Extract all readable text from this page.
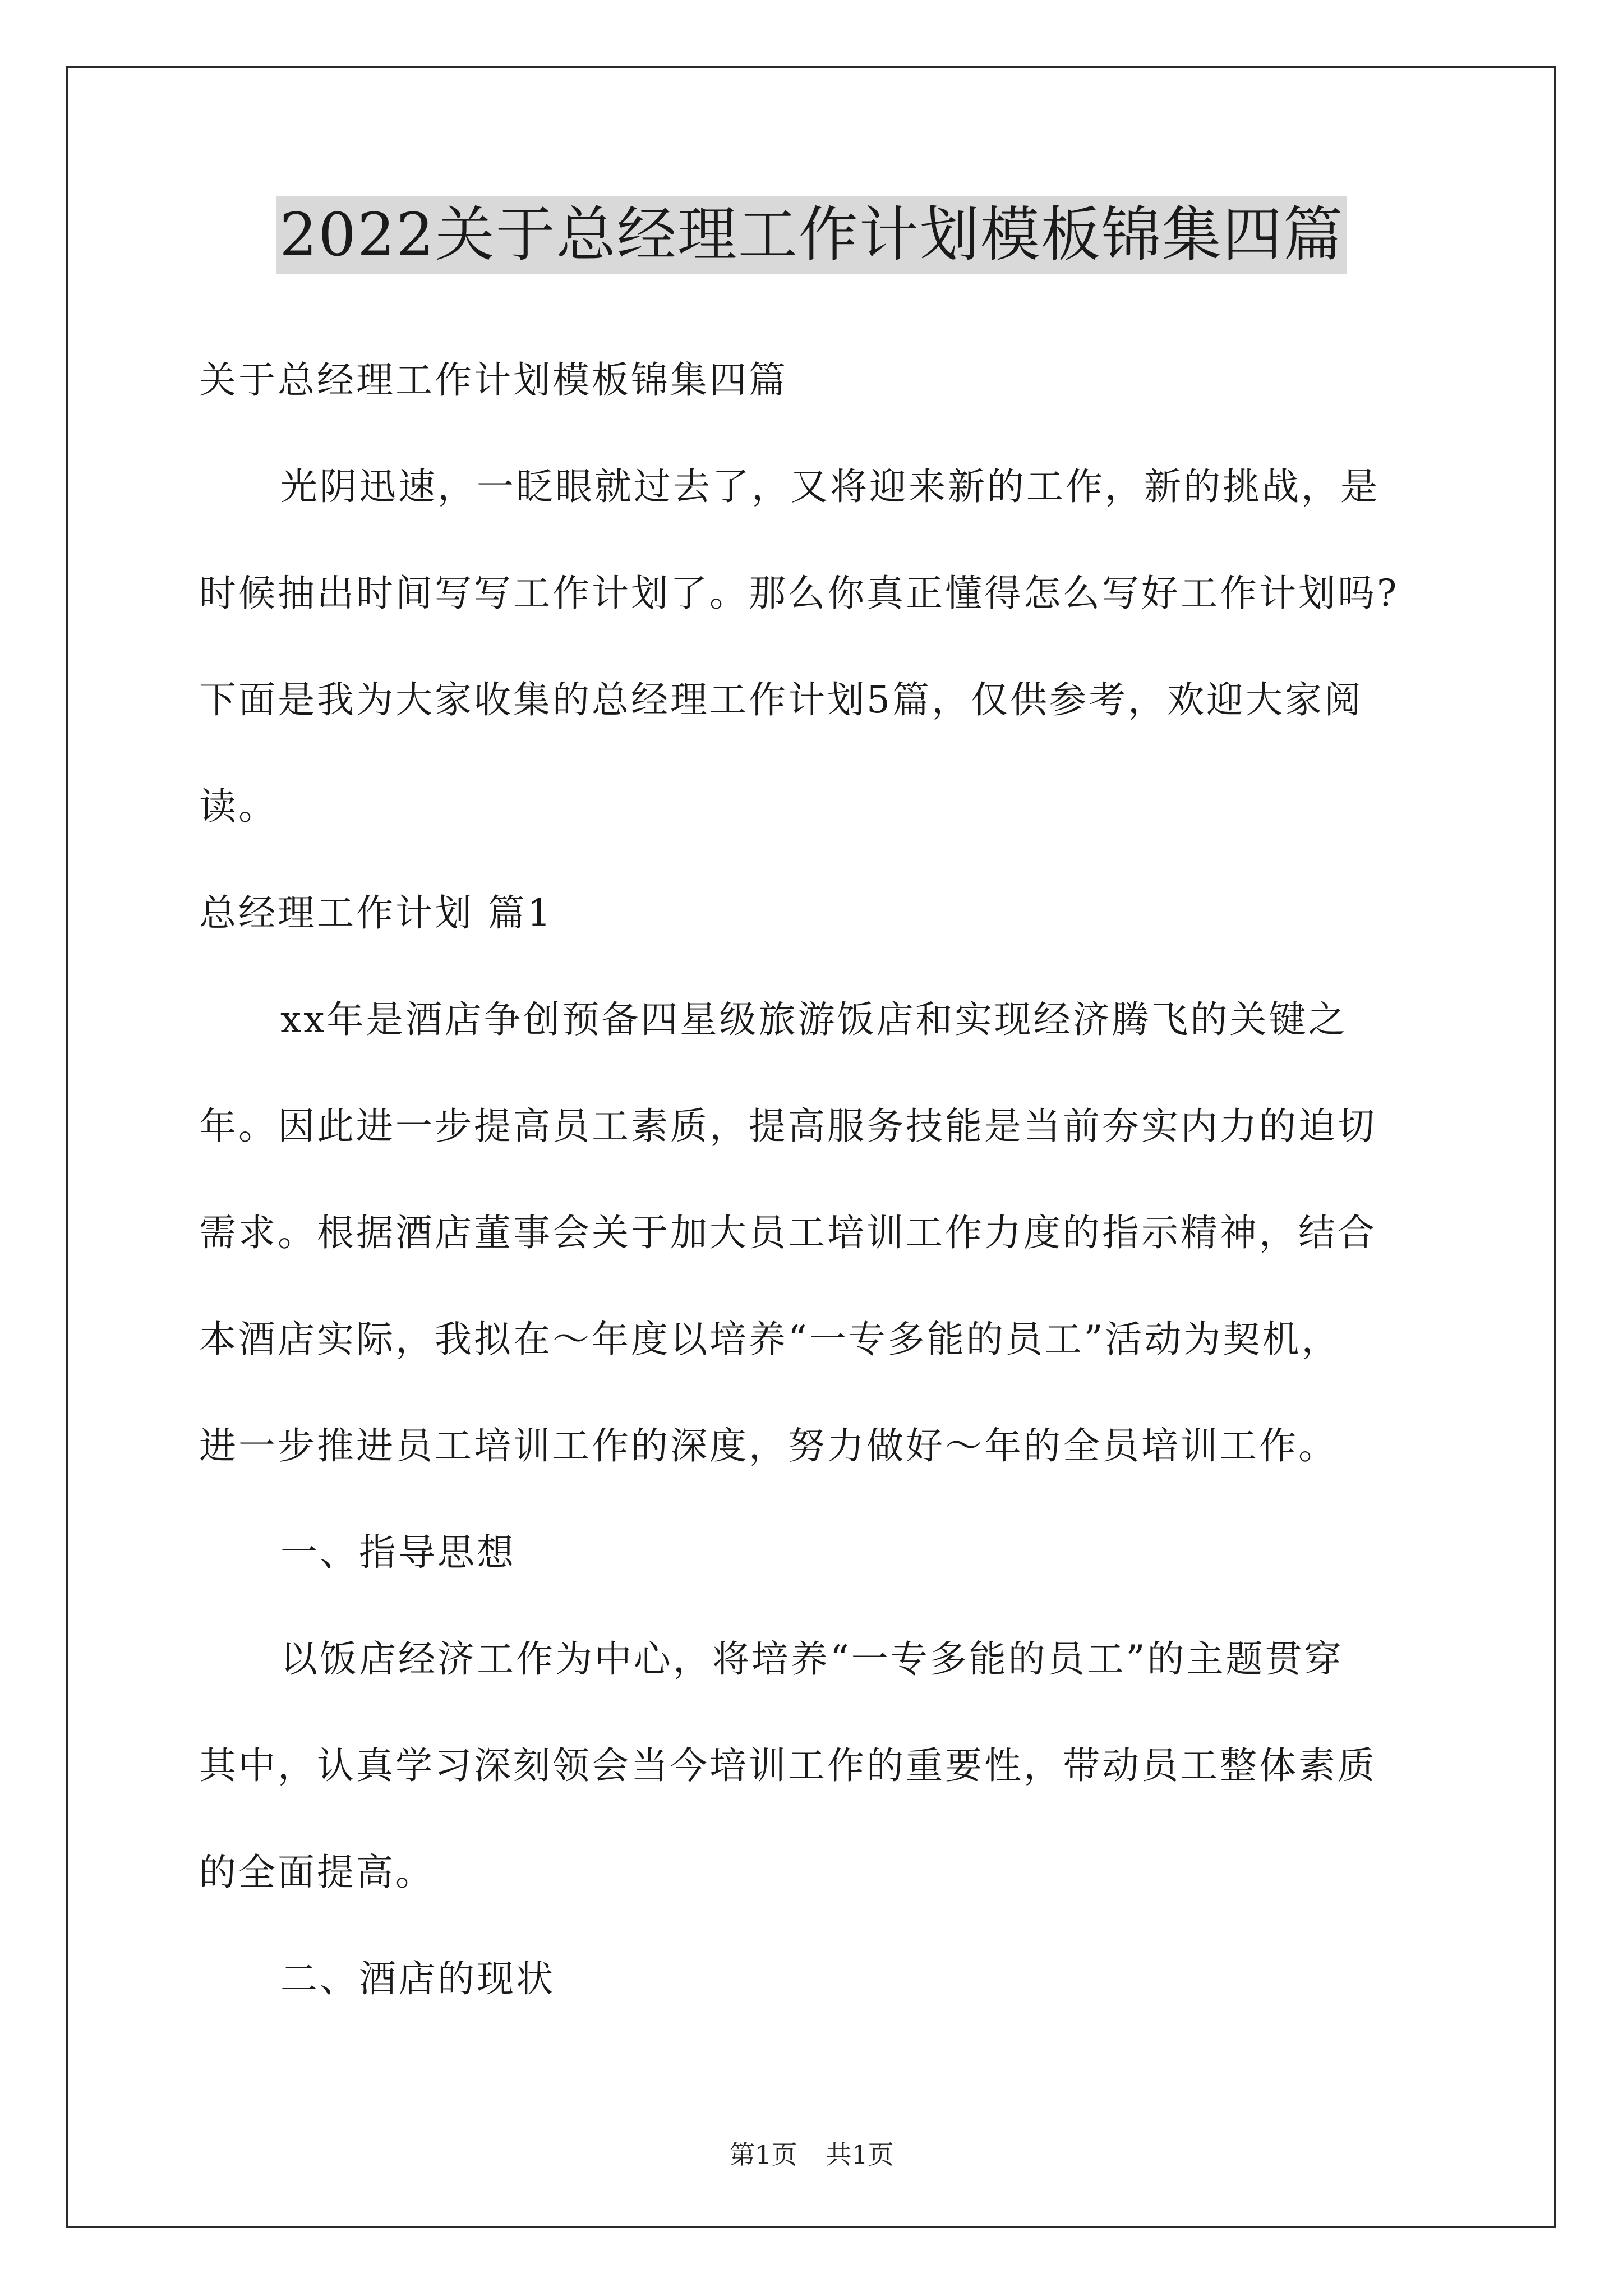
2022关于总经理工作计划模板锦集四篇
关于总经理工作计划模板锦集四篇
光阴迅速，一眨眼就过去了，又将迎来新的工作，新的挑战，是
时候抽出时间写写工作计划了。那么你真正懂得怎么写好工作计划吗?
下面是我为大家收集的总经理工作计划5篇，仅供参考，欢迎大家阅
读。
总经理工作计划 篇1
xx年是酒店争创预备四星级旅游饭店和实现经济腾飞的关键之
年。因此进一步提高员工素质，提高服务技能是当前夯实内力的迫切
需求。根据酒店董事会关于加大员工培训工作力度的指示精神，结合
本酒店实际，我拟在～年度以培养“一专多能的员工”活动为契机，
进一步推进员工培训工作的深度，努力做好～年的全员培训工作。
一、指导思想
以饭店经济工作为中心，将培养“一专多能的员工”的主题贯穿
其中，认真学习深刻领会当今培训工作的重要性，带动员工整体素质
的全面提高。
二、酒店的现状
第1页 共1页
